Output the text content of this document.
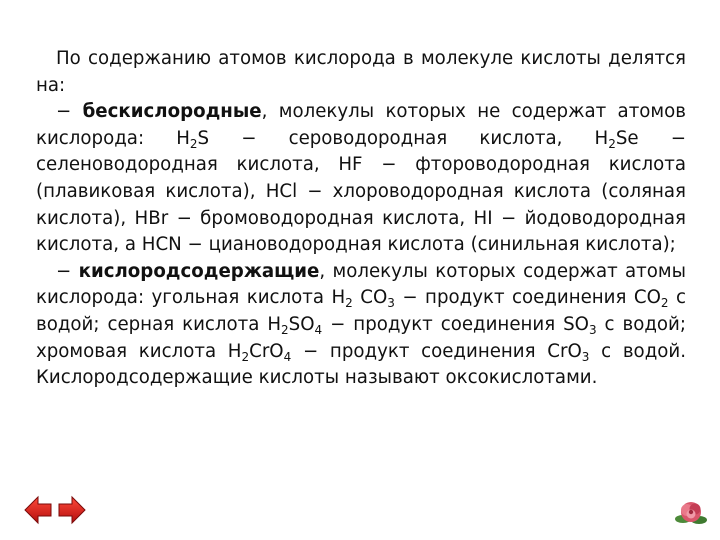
По содержанию атомов кислорода в молекуле кислоты делятся на:

− бескислородные, молекулы которых не содержат атомов кислорода: $H_2S$ − сероводородная кислота, $H_2Se$ − селеноводородная кислота, HF − фтороводородная кислота (плавиковая кислота), HCl − хлороводородная кислота (соляная кислота), HBr − бромоводородная кислота, HI − йодоводородная кислота, а HCN − циановодородная кислота (синильная кислота);

− кислородсодержащие, молекулы которых содержат атомы кислорода: угольная кислота $H_2$ $CO_3$ − продукт соединения $CO_2$ с водой; серная кислота $H_2SO_4$ − продукт соединения $SO_3$ с водой; хромовая кислота $H_2CrO_4$ − продукт соединения CrO$_3$ с водой. Кислородсодержащие кислоты называют оксокислотами.
